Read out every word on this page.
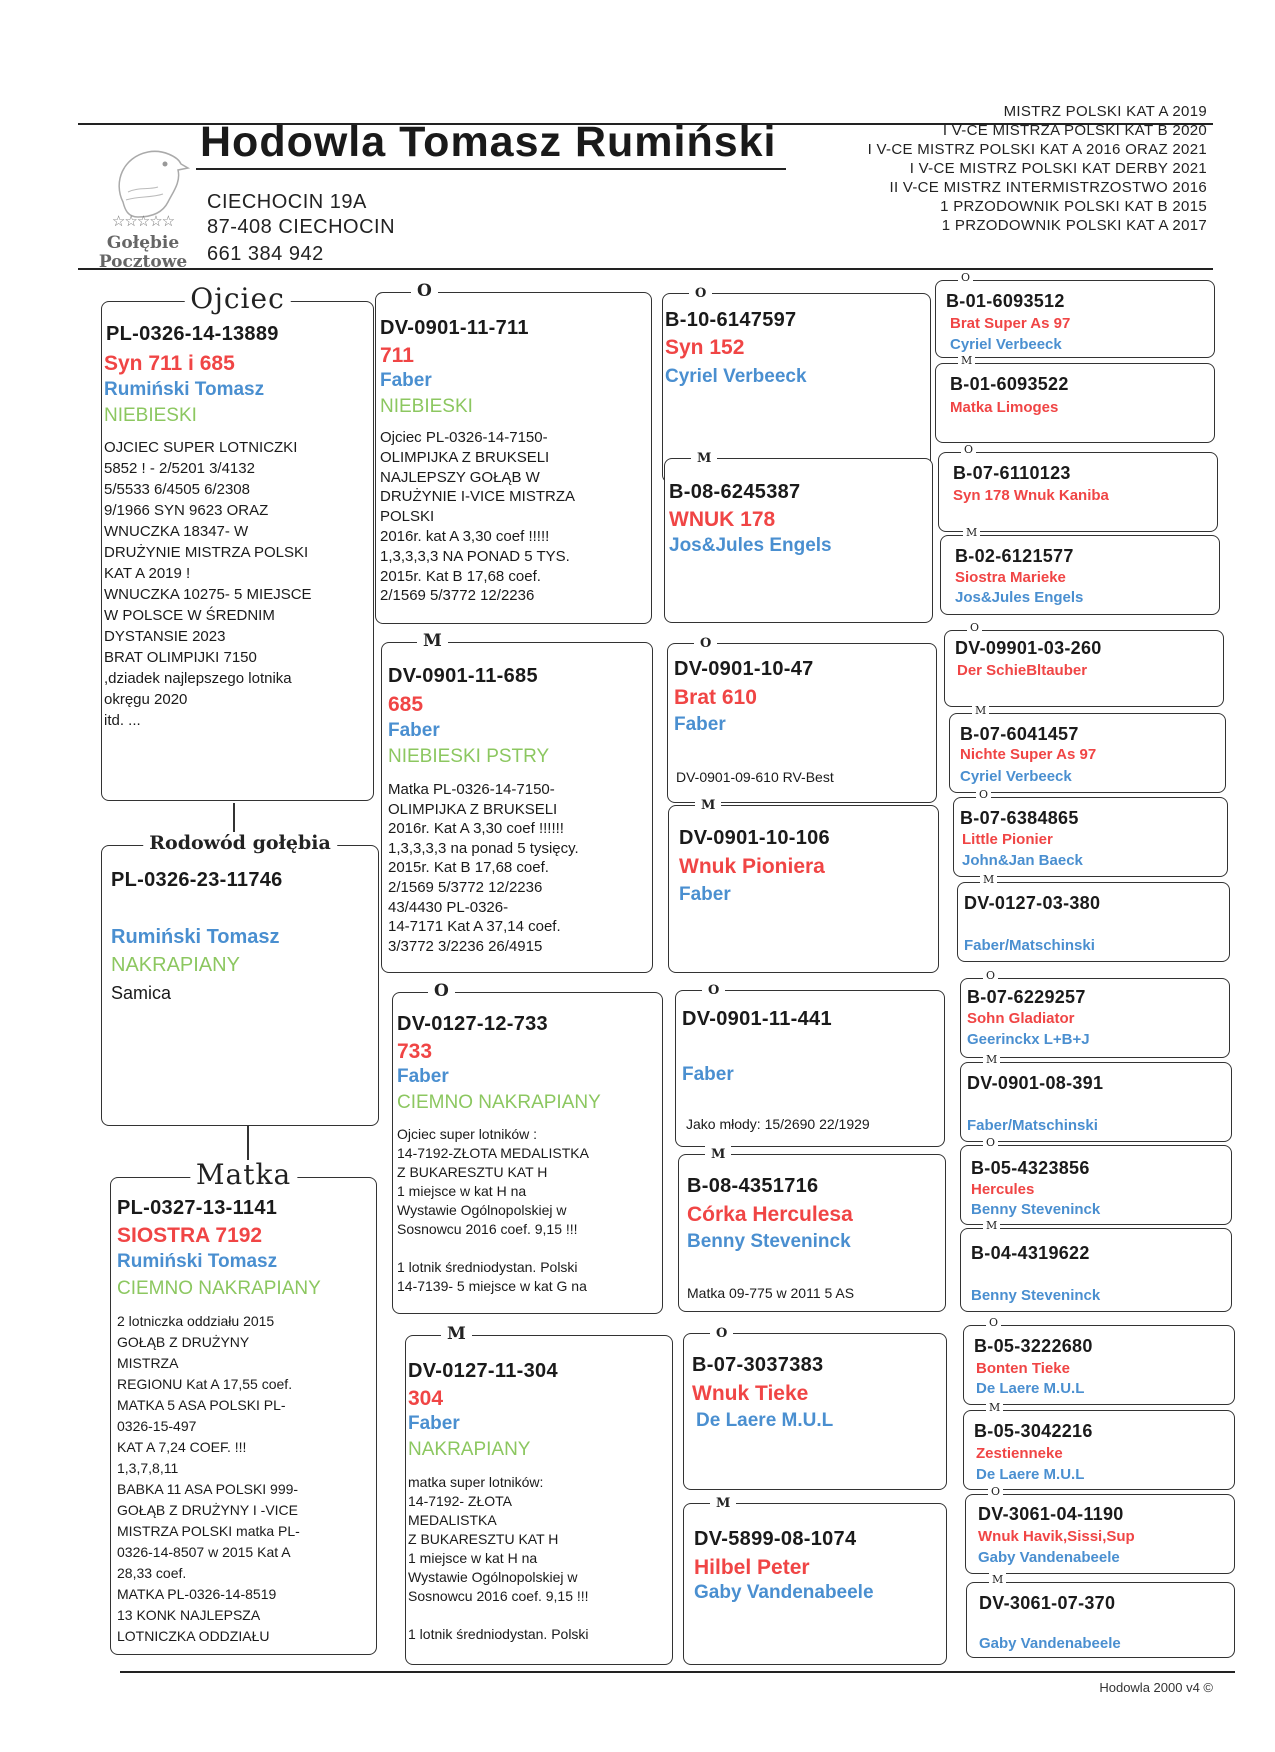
☆☆☆☆☆
Gołębie
Pocztowe
Hodowla Tomasz Rumiński
CIECHOCIN 19A
87-408 CIECHOCIN
661 384 942
MISTRZ POLSKI KAT A 2019
I V-CE MISTRZA POLSKI KAT B 2020
I V-CE MISTRZ POLSKI KAT A 2016 ORAZ 2021
I V-CE MISTRZ POLSKI KAT DERBY 2021
II V-CE MISTRZ INTERMISTRZOSTWO 2016
1 PRZODOWNIK POLSKI KAT B 2015
1 PRZODOWNIK POLSKI KAT A 2017
Ojciec
PL-0326-14-13889
Syn 711 i 685
Rumiński Tomasz
NIEBIESKI
OJCIEC SUPER LOTNICZKI
5852 ! - 2/5201 3/4132
5/5533 6/4505 6/2308
9/1966 SYN 9623 ORAZ
WNUCZKA 18347- W
DRUŻYNIE MISTRZA POLSKI
KAT A 2019 !
WNUCZKA 10275- 5 MIEJSCE
W POLSCE W ŚREDNIM
DYSTANSIE 2023
BRAT OLIMPIJKI 7150
,dziadek najlepszego lotnika
okręgu 2020
itd. ...
Rodowód gołębia
PL-0326-23-11746
Rumiński Tomasz
NAKRAPIANY
Samica
Matka
PL-0327-13-1141
SIOSTRA 7192
Rumiński Tomasz
CIEMNO NAKRAPIANY
2 lotniczka oddziału 2015
GOŁĄB Z DRUŻYNY
MISTRZA
REGIONU Kat A 17,55 coef.
MATKA 5 ASA POLSKI PL-
0326-15-497
KAT A 7,24 COEF. !!!
1,3,7,8,11
BABKA 11 ASA POLSKI 999-
GOŁĄB Z DRUŻYNY I -VICE
MISTRZA POLSKI matka PL-
0326-14-8507 w 2015 Kat A
28,33 coef.
MATKA PL-0326-14-8519
13 KONK NAJLEPSZA
LOTNICZKA ODDZIAŁU
O
DV-0901-11-711
711
Faber
NIEBIESKI
Ojciec PL-0326-14-7150-
OLIMPIJKA Z BRUKSELI
NAJLEPSZY GOŁĄB W
DRUŻYNIE I-VICE MISTRZA
POLSKI
2016r. kat A 3,30 coef !!!!!
1,3,3,3,3 NA PONAD 5 TYS.
2015r. Kat B 17,68 coef.
2/1569 5/3772 12/2236
M
DV-0901-11-685
685
Faber
NIEBIESKI PSTRY
Matka PL-0326-14-7150-
OLIMPIJKA Z BRUKSELI
2016r. Kat A 3,30 coef !!!!!!
1,3,3,3,3 na ponad 5 tysięcy.
2015r. Kat B 17,68 coef.
2/1569 5/3772 12/2236
43/4430 PL-0326-
14-7171 Kat A 37,14 coef.
3/3772 3/2236 26/4915
O
DV-0127-12-733
733
Faber
CIEMNO NAKRAPIANY
Ojciec super lotników :
14-7192-ZŁOTA MEDALISTKA
Z BUKARESZTU KAT H
1 miejsce w kat H na
Wystawie Ogólnopolskiej w
Sosnowcu 2016 coef. 9,15 !!!

1 lotnik średniodystan. Polski
14-7139- 5 miejsce w kat G na
M
DV-0127-11-304
304
Faber
NAKRAPIANY
matka super lotników:
14-7192- ZŁOTA
MEDALISTKA
Z BUKARESZTU KAT H
1 miejsce w kat H na
Wystawie Ogólnopolskiej w
Sosnowcu 2016 coef. 9,15 !!!

1 lotnik średniodystan. Polski
O
B-10-6147597
Syn 152
Cyriel Verbeeck
M
B-08-6245387
WNUK 178
Jos&Jules Engels
O
DV-0901-10-47
Brat 610
Faber
DV-0901-09-610 RV-Best
M
DV-0901-10-106
Wnuk Pioniera
Faber
O
DV-0901-11-441
Faber
Jako młody: 15/2690 22/1929
M
B-08-4351716
Córka Herculesa
Benny Steveninck
Matka 09-775 w 2011 5 AS
O
B-07-3037383
Wnuk Tieke
De Laere M.U.L
M
DV-5899-08-1074
Hilbel Peter
Gaby Vandenabeele
O
B-01-6093512
Brat Super As 97
Cyriel Verbeeck
M
B-01-6093522
Matka Limoges
O
B-07-6110123
Syn 178 Wnuk Kaniba
M
B-02-6121577
Siostra Marieke
Jos&Jules Engels
O
DV-09901-03-260
Der SchieBltauber
M
B-07-6041457
Nichte Super As 97
Cyriel Verbeeck
O
B-07-6384865
Little Pionier
John&Jan Baeck
M
DV-0127-03-380
Faber/Matschinski
O
B-07-6229257
Sohn Gladiator
Geerinckx L+B+J
M
DV-0901-08-391
Faber/Matschinski
O
B-05-4323856
Hercules
Benny Steveninck
M
B-04-4319622
Benny Steveninck
O
B-05-3222680
Bonten Tieke
De Laere M.U.L
M
B-05-3042216
Zestienneke
De Laere M.U.L
O
DV-3061-04-1190
Wnuk Havik,Sissi,Sup
Gaby Vandenabeele
M
DV-3061-07-370
Gaby Vandenabeele
Hodowla 2000 v4 ©
